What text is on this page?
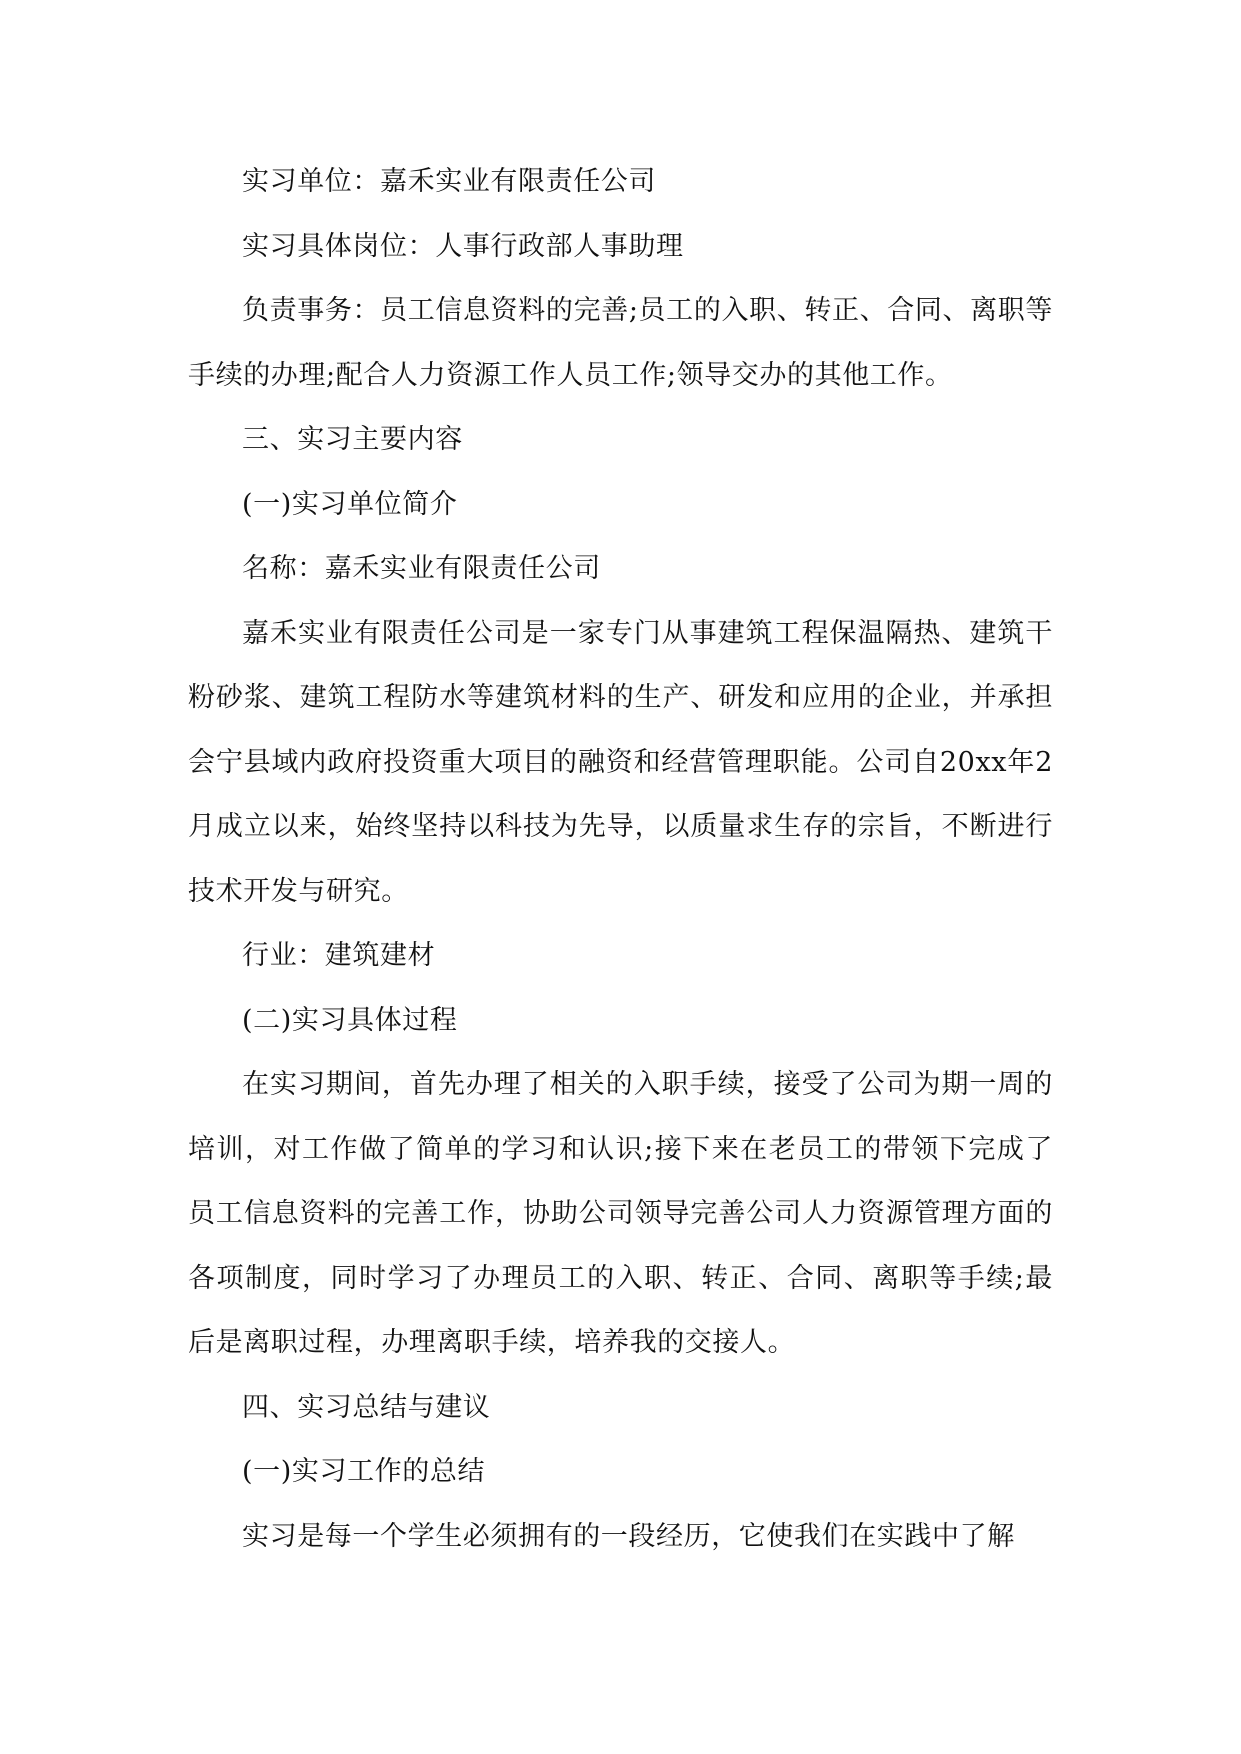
实习单位：嘉禾实业有限责任公司

实习具体岗位：人事行政部人事助理

负责事务：员工信息资料的完善;员工的入职、转正、合同、离职等手续的办理;配合人力资源工作人员工作;领导交办的其他工作。

三、实习主要内容

(一)实习单位简介

名称：嘉禾实业有限责任公司

嘉禾实业有限责任公司是一家专门从事建筑工程保温隔热、建筑干粉砂浆、建筑工程防水等建筑材料的生产、研发和应用的企业，并承担会宁县域内政府投资重大项目的融资和经营管理职能。公司自20xx年2月成立以来，始终坚持以科技为先导，以质量求生存的宗旨，不断进行技术开发与研究。

行业：建筑建材

(二)实习具体过程

在实习期间，首先办理了相关的入职手续，接受了公司为期一周的培训，对工作做了简单的学习和认识;接下来在老员工的带领下完成了员工信息资料的完善工作，协助公司领导完善公司人力资源管理方面的各项制度，同时学习了办理员工的入职、转正、合同、离职等手续;最后是离职过程，办理离职手续，培养我的交接人。

四、实习总结与建议

(一)实习工作的总结

实习是每一个学生必须拥有的一段经历，它使我们在实践中了解
